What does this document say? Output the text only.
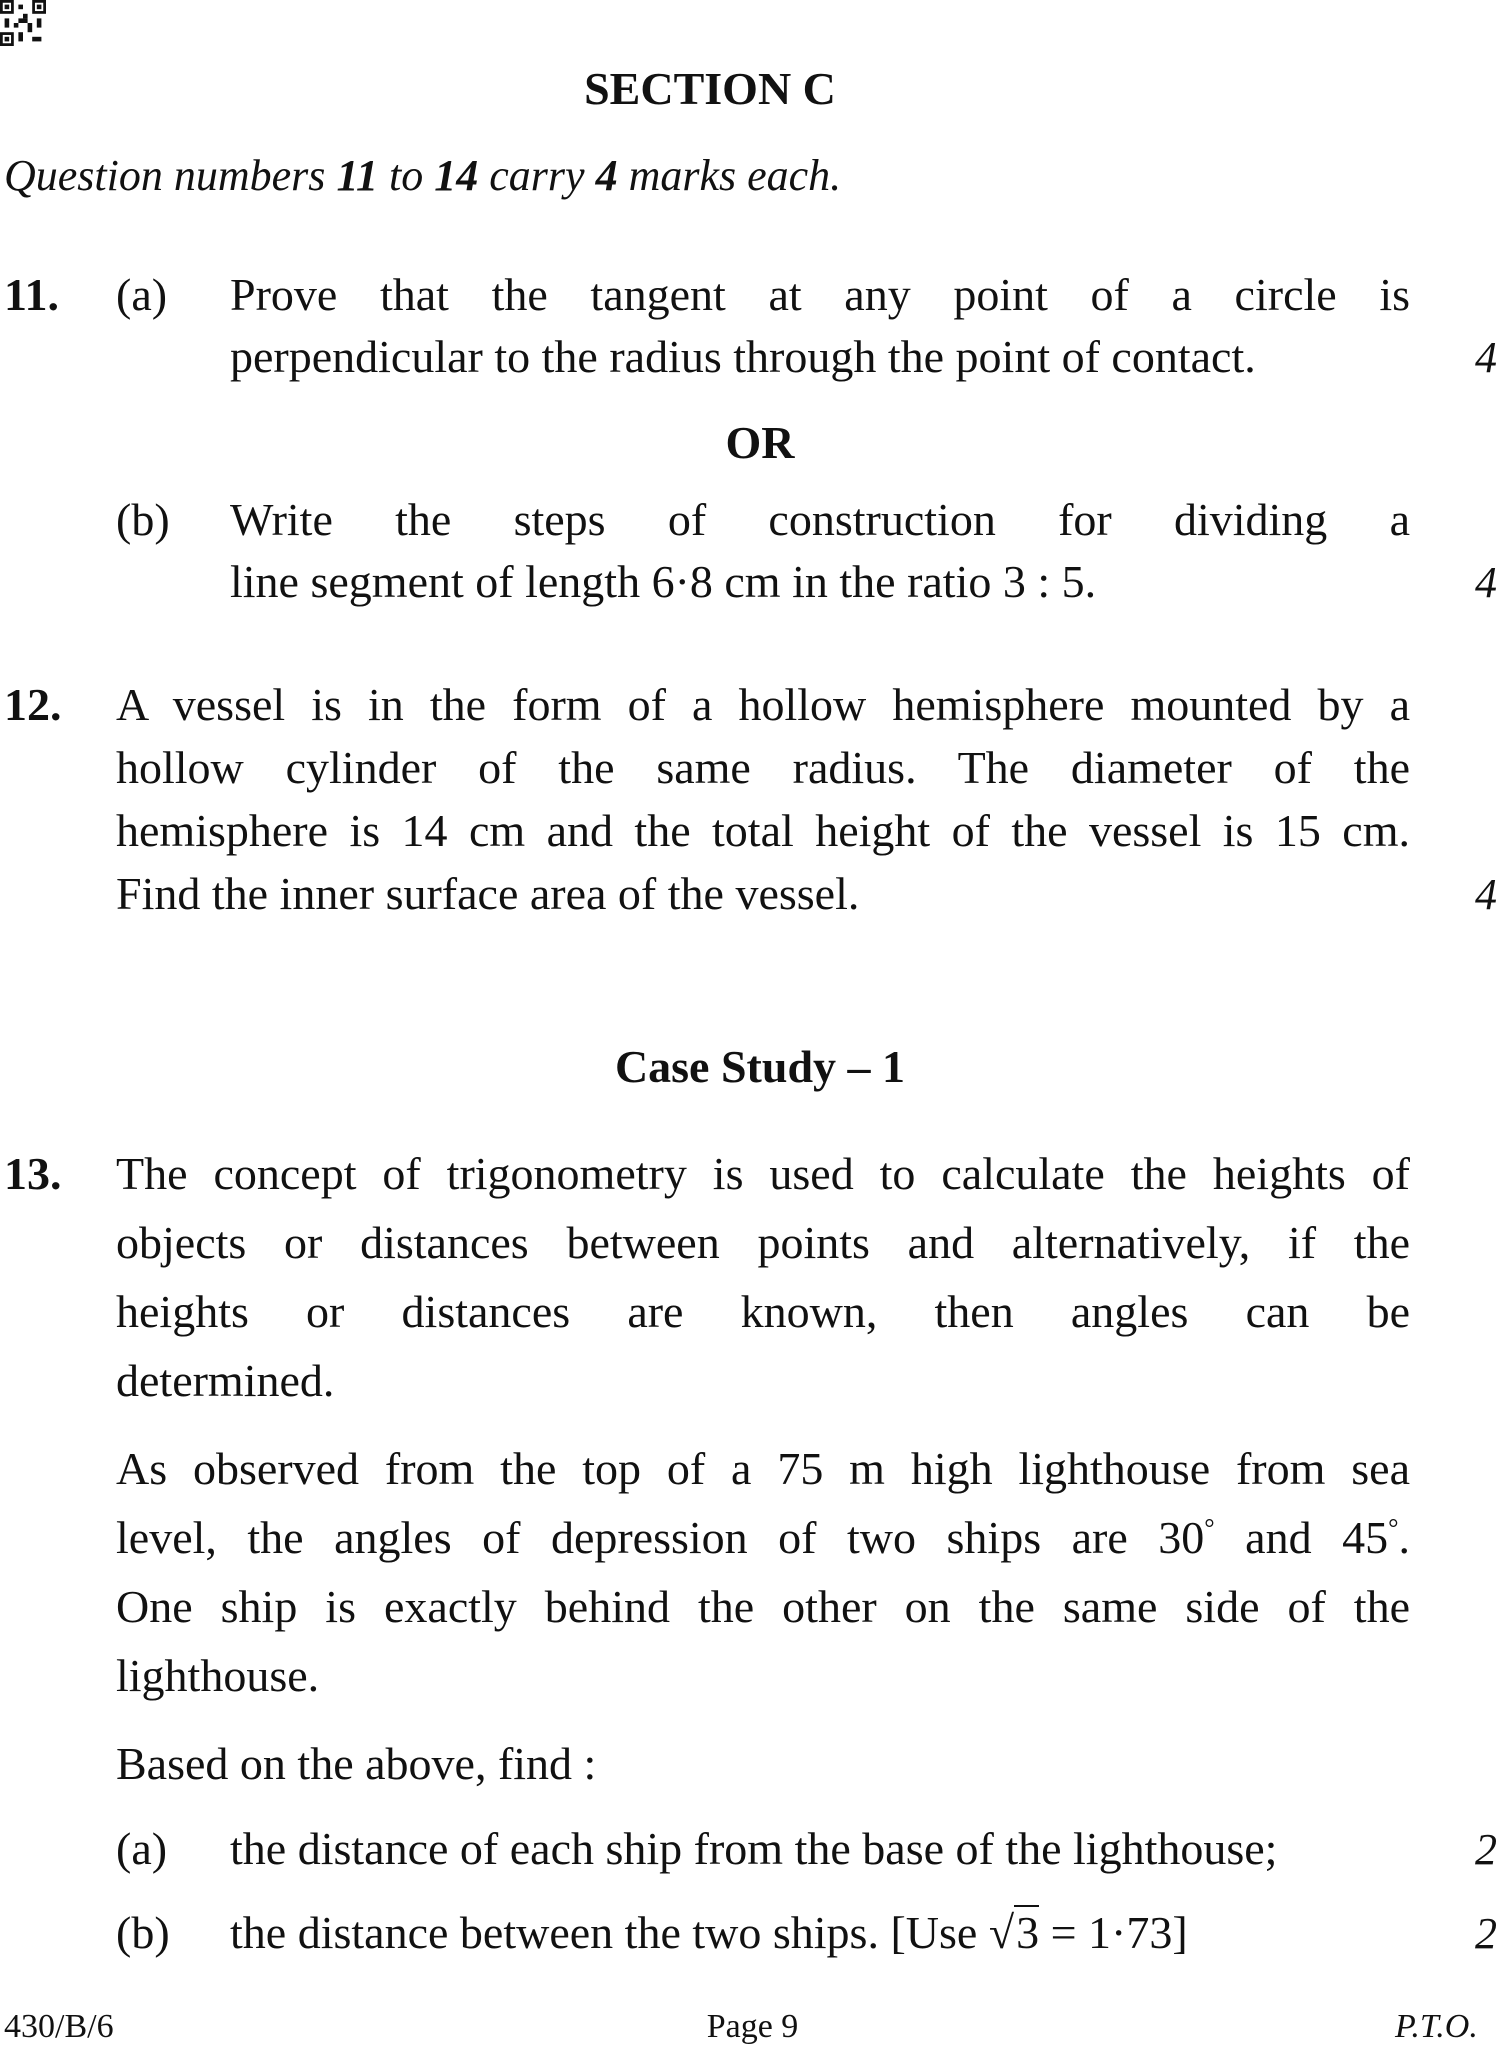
SECTION C
Question numbers 11 to 14 carry 4 marks each.
11. (a) Prove that the tangent at any point of a circle is
perpendicular to the radius through the point of contact.	4
OR
(b) Write the steps of construction for dividing a
line segment of length 6·8 cm in the ratio 3 : 5.	4
12. A vessel is in the form of a hollow hemisphere mounted by a
hollow cylinder of the same radius. The diameter of the
hemisphere is 14 cm and the total height of the vessel is 15 cm.
Find the inner surface area of the vessel.	4
Case Study – 1
13. The concept of trigonometry is used to calculate the heights of
objects or distances between points and alternatively, if the
heights or distances are known, then angles can be
determined.
As observed from the top of a 75 m high lighthouse from sea
level, the angles of depression of two ships are 30° and 45°.
One ship is exactly behind the other on the same side of the
lighthouse.
Based on the above, find :
(a) the distance of each ship from the base of the lighthouse;	2
(b) the distance between the two ships. [Use √3 = 1·73]	2
430/B/6	Page 9	P.T.O.
